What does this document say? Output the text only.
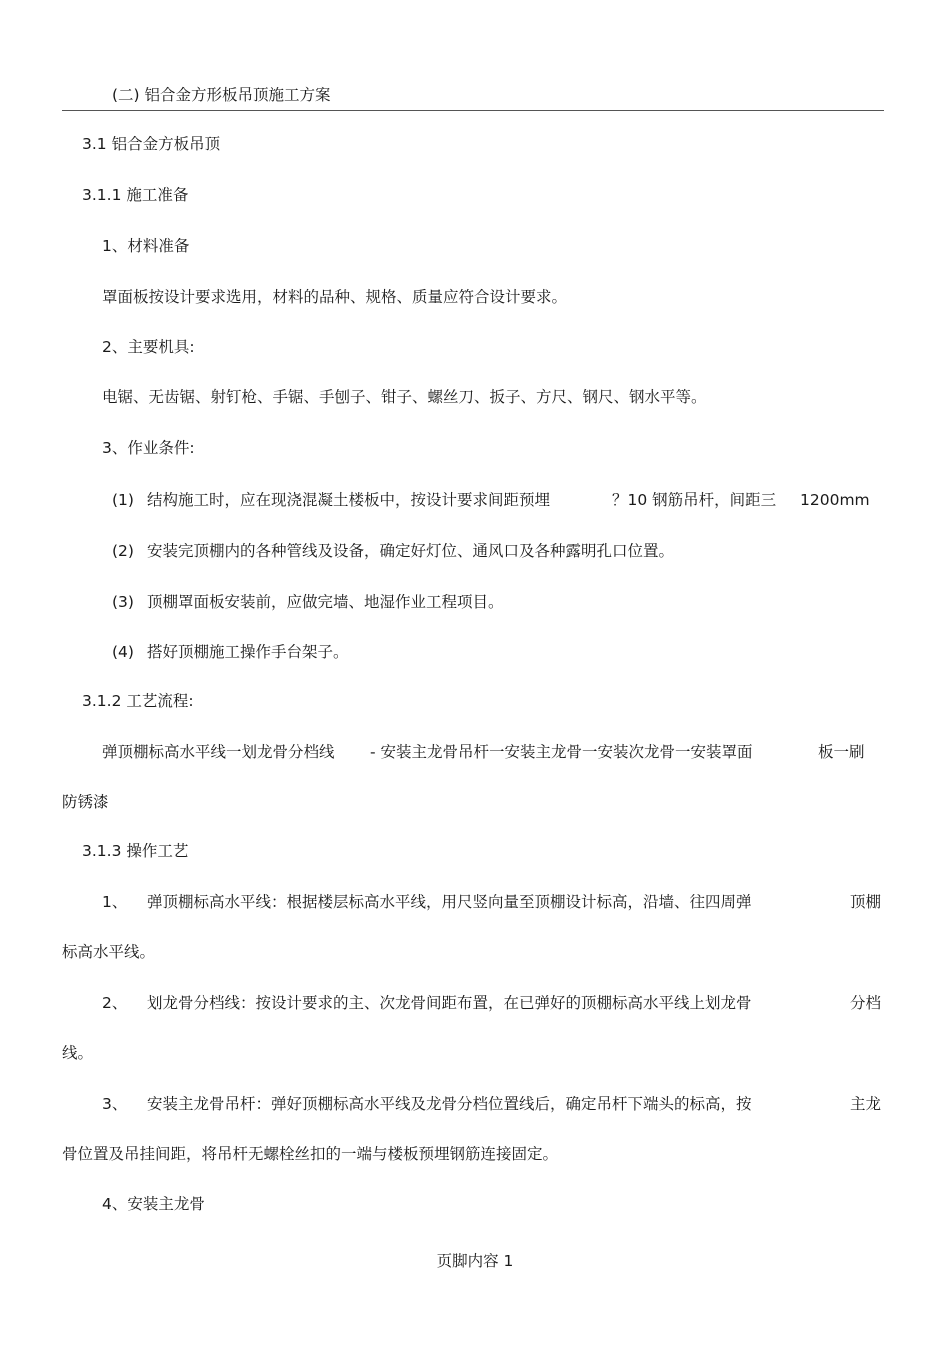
(二) 铝合金方形板吊顶施工方案
3.1 铝合金方板吊顶
3.1.1 施工准备
1、材料准备
罩面板按设计要求选用，材料的品种、规格、质量应符合设计要求。
2、主要机具:
电锯、无齿锯、射钉枪、手锯、手刨子、钳子、螺丝刀、扳子、方尺、钢尺、钢水平等。
3、作业条件:
(1) 结构施工时，应在现浇混凝土楼板中，按设计要求间距预埋	？10 钢筋吊杆，间距三 1200mm
(2) 安装完顶棚内的各种管线及设备，确定好灯位、通风口及各种露明孔口位置。
(3) 顶棚罩面板安装前，应做完墙、地湿作业工程项目。
(4) 搭好顶棚施工操作手台架子。
3.1.2 工艺流程:
弹顶棚标高水平线一划龙骨分档线 - 安装主龙骨吊杆一安装主龙骨一安装次龙骨一安装罩面	板一刷
防锈漆
3.1.3 操作工艺
1、 弹顶棚标高水平线：根据楼层标高水平线，用尺竖向量至顶棚设计标高，沿墙、往四周弹	顶棚
标高水平线。
2、 划龙骨分档线：按设计要求的主、次龙骨间距布置，在已弹好的顶棚标高水平线上划龙骨	分档
线。
3、 安装主龙骨吊杆：弹好顶棚标高水平线及龙骨分档位置线后，确定吊杆下端头的标高，按	主龙
骨位置及吊挂间距，将吊杆无螺栓丝扣的一端与楼板预埋钢筋连接固定。
4、安装主龙骨
页脚内容 1
